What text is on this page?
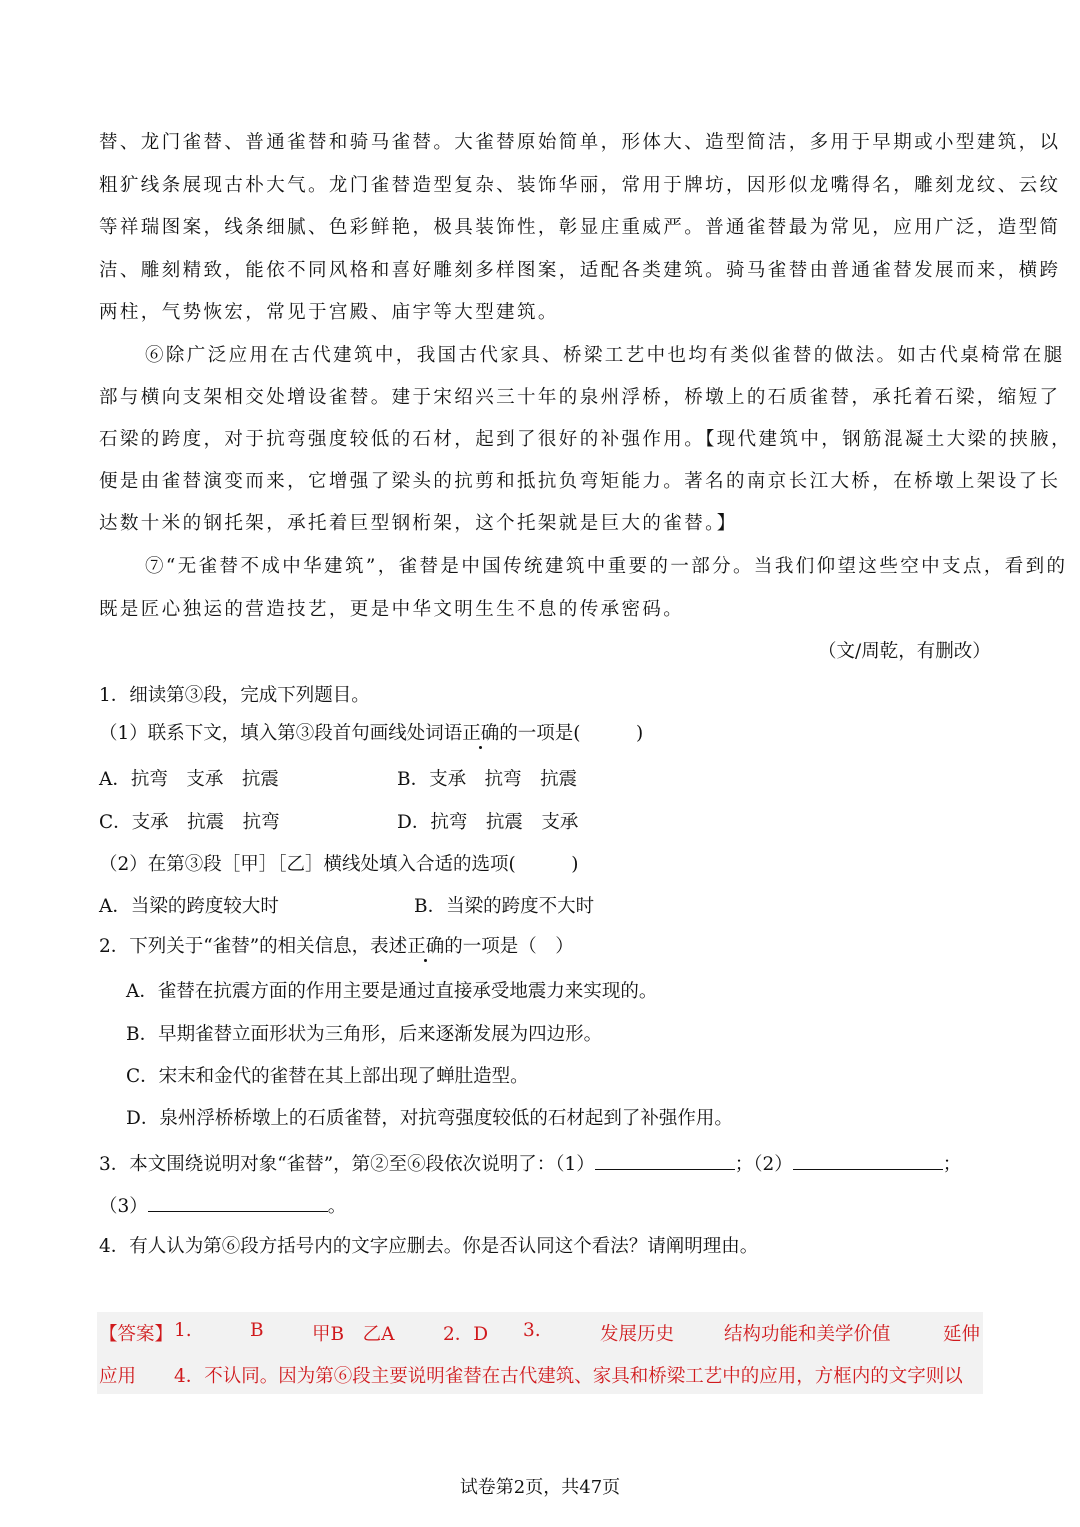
替、龙门雀替、普通雀替和骑马雀替。大雀替原始简单，形体大、造型简洁，多用于早期或小型建筑，以
粗犷线条展现古朴大气。龙门雀替造型复杂、装饰华丽，常用于牌坊，因形似龙嘴得名，雕刻龙纹、云纹
等祥瑞图案，线条细腻、色彩鲜艳，极具装饰性，彰显庄重威严。普通雀替最为常见，应用广泛，造型简
洁、雕刻精致，能依不同风格和喜好雕刻多样图案，适配各类建筑。骑马雀替由普通雀替发展而来，横跨
两柱，气势恢宏，常见于宫殿、庙宇等大型建筑。
⑥除广泛应用在古代建筑中，我国古代家具、桥梁工艺中也均有类似雀替的做法。如古代桌椅常在腿
部与横向支架相交处增设雀替。建于宋绍兴三十年的泉州浮桥，桥墩上的石质雀替，承托着石梁，缩短了
石梁的跨度，对于抗弯强度较低的石材，起到了很好的补强作用。【现代建筑中，钢筋混凝土大梁的挟腋，
便是由雀替演变而来，它增强了梁头的抗剪和抵抗负弯矩能力。著名的南京长江大桥，在桥墩上架设了长
达数十米的钢托架，承托着巨型钢桁架，这个托架就是巨大的雀替。】
⑦“无雀替不成中华建筑”，雀替是中国传统建筑中重要的一部分。当我们仰望这些空中支点，看到的
既是匠心独运的营造技艺，更是中华文明生生不息的传承密码。
（文/周乾，有删改）
1．细读第③段，完成下列题目。
（1）联系下文，填入第③段首句画线处词语正确的一项是(　　　)
A．抗弯　支承　抗震	B．支承　抗弯　抗震
C．支承　抗震　抗弯	D．抗弯　抗震　支承
（2）在第③段［甲］［乙］横线处填入合适的选项(　　　)
A．当梁的跨度较大时	B．当梁的跨度不大时
2．下列关于“雀替”的相关信息，表述正确的一项是（　）
A．雀替在抗震方面的作用主要是通过直接承受地震力来实现的。
B．早期雀替立面形状为三角形，后来逐渐发展为四边形。
C．宋末和金代的雀替在其上部出现了蝉肚造型。
D．泉州浮桥桥墩上的石质雀替，对抗弯强度较低的石材起到了补强作用。
3．本文围绕说明对象“雀替”，第②至⑥段依次说明了：（1）	；（2）	；
（3）	。
4．有人认为第⑥段方括号内的文字应删去。你是否认同这个看法？请阐明理由。
【答案】 1.	B	甲B　乙A	2．D 3.	发展历史	结构功能和美学价值	延伸
应用 4．不认同。因为第⑥段主要说明雀替在古代建筑、家具和桥梁工艺中的应用，方框内的文字则以
试卷第2页，共47页
